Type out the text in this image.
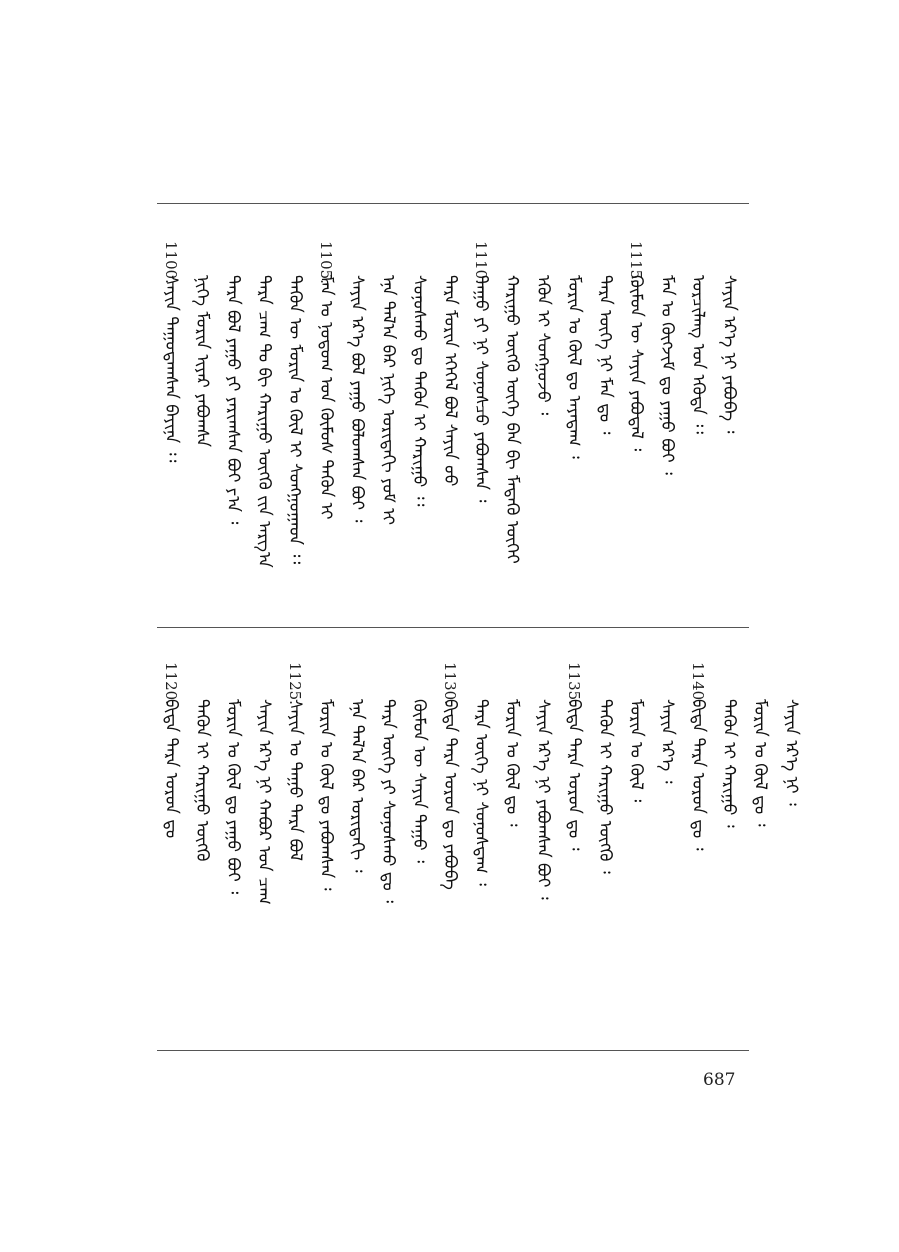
1100.
ᠰᠠᠶᠢᠨ ᠳᠠᠭᠤᠳᠠᠭᠰᠠᠨ ᠪᠠᠶᠢᠨᠠ ᠄᠄ ᠨᠢᠭᠡ ᠮᠣᠷᠢᠨ ᠢᠶᠡᠷ ᠶᠠᠪᠤᠭᠰᠠ ᠲᠡᠷᠡ ᠪᠣᠯ ᠶᠠᠭᠤ ᠶᠢ ᠶᠠᠷᠢᠭᠰᠠᠨ ᠪᠤᠢ ᠶ᠎ᠠ ᠄ ᠲᠡᠷᠡ ᠴᠠᠭ ᠲᠤ ᠪᠢ ᠬᠠᠷᠢᠭᠤ ᠥᠭᠬᠦ ᠶ᠋ᠢᠨ ᠠᠷᠭ᠎ᠠ ᠲᠡᠭᠦᠨ ᠦ ᠮᠣᠷᠢᠨ ᠤ ᠬᠦᠯ ᠢ ᠰᠣᠩᠭᠣᠭᠠᠳ ᠄᠄
1105.
ᠮᠠᠨ ᠤ ᠨᠤᠲᠤᠭ ᠤᠨ ᠬᠦᠮᠦᠰ ᠲᠡᠭᠦᠨ ᠢ ᠰᠠᠶᠢᠨ ᠡᠷ᠎ᠡ ᠪᠣᠯ ᠶᠠᠭᠤ ᠪᠣᠯᠣᠭᠰᠠᠨ ᠪᠤᠢ ᠄ ᠡᠨᠡ ᠲᠠᠯ᠎ᠠ ᠪᠠᠷ ᠨᠢᠭᠡ ᠤᠷᠢᠳᠠᠬᠢ ᠶᠤᠮ ᠢ ᠰᠣᠨᠣᠰᠬᠤ ᠳᠤ ᠲᠡᠭᠦᠨ ᠢ ᠬᠠᠷᠢᠭᠤ ᠄᠄ ᠲᠡᠷᠡ ᠮᠣᠷᠢᠨ ᠡᠭᠡᠭᠡᠯ ᠪᠣᠯ ᠰᠠᠶᠢᠨ ᠤᠤ
1110.
ᠳᠠᠭᠤ ᠶᠢ ᠨᠢ ᠰᠣᠨᠣᠰᠴᠤ ᠶᠠᠪᠤᠭᠰᠠᠨ ᠄ ᠬᠠᠷᠢᠭᠤ ᠥᠭᠬᠦ ᠥᠭᠡ ᠪᠠᠨ ᠪᠢ ᠮᠡᠳᠡᠬᠦ ᠦᠭᠡᠢ ᠡᠭᠦᠨ ᠢ ᠰᠣᠩᠭᠣᠵᠤ ᠄ ᠮᠣᠷᠢᠨ ᠤ ᠬᠦᠯ ᠳᠤ ᠠᠶᠠᠳᠠᠭ ᠄ ᠲᠡᠷᠡ ᠦᠭᠡ ᠨᠢ ᠮᠠᠨ ᠳᠤ ᠄
1115.
ᠬᠦᠮᠦᠨ ᠦ ᠰᠠᠶᠢᠨ ᠶᠠᠪᠤᠳᠠᠯ ᠄ ᠮᠠᠨ ᠤ ᠬᠦᠭᠵᠢᠮ ᠳᠤ ᠶᠠᠭᠤ ᠪᠤᠢ ᠄ ᠣᠷᠴᠢᠯᠠᠩ ᠤᠨ ᠡᠭᠦᠳᠡ ᠄᠄ ᠰᠠᠶᠢᠨ ᠡᠷ᠎ᠡ ᠨᠢ ᠶᠠᠪᠤᠪᠠ ᠄
1120.
ᠪᠢᠳᠡ ᠲᠡᠷᠡ ᠣᠷᠣᠨ ᠳᠤ ᠲᠡᠭᠦᠨ ᠢ ᠬᠠᠷᠢᠭᠤ ᠥᠭᠭᠦ ᠮᠣᠷᠢᠨ ᠤ ᠬᠦᠯ ᠳᠤ ᠶᠠᠭᠤ ᠪᠤᠢ ᠄ ᠰᠠᠶᠢᠨ ᠡᠷ᠎ᠡ ᠨᠢ ᠬᠠᠪᠤᠷ ᠤᠨ ᠴᠠᠭ
1125.
ᠰᠠᠶᠢᠨ ᠤ ᠳᠠᠭᠤ ᠲᠡᠷᠡ ᠪᠣᠯ ᠮᠣᠷᠢᠨ ᠤ ᠬᠦᠯ ᠳᠤ ᠶᠠᠪᠤᠭᠰᠠᠨ ᠄ ᠡᠨᠡ ᠲᠠᠯ᠎ᠠ ᠪᠠᠷ ᠤᠷᠢᠳᠠᠬᠢ ᠄ ᠲᠡᠷᠡ ᠦᠭᠡ ᠶᠢ ᠰᠣᠨᠣᠰᠬᠤ ᠳᠤ ᠄ ᠬᠦᠮᠦᠨ ᠦ ᠰᠠᠶᠢᠨ ᠳᠠᠭᠤ ᠄
1130.
ᠪᠢᠳᠡ ᠲᠡᠷᠡ ᠣᠷᠣᠨ ᠳᠤ ᠶᠠᠪᠤᠪᠠ ᠲᠡᠷᠡ ᠦᠭᠡ ᠨᠢ ᠰᠣᠨᠣᠰᠳᠠᠭ ᠄ ᠮᠣᠷᠢᠨ ᠤ ᠬᠦᠯ ᠳᠤ ᠄ ᠰᠠᠶᠢᠨ ᠡᠷ᠎ᠡ ᠨᠢ ᠶᠠᠪᠤᠭᠰᠠᠨ ᠪᠤᠢ ᠄
1135.
ᠪᠢᠳᠡ ᠲᠡᠷᠡ ᠣᠷᠣᠨ ᠳᠤ ᠄ ᠲᠡᠭᠦᠨ ᠢ ᠬᠠᠷᠢᠭᠤ ᠥᠭᠭᠦ ᠄ ᠮᠣᠷᠢᠨ ᠤ ᠬᠦᠯ ᠄ ᠰᠠᠶᠢᠨ ᠡᠷ᠎ᠡ ᠄
1140.
ᠪᠢᠳᠡ ᠲᠡᠷᠡ ᠣᠷᠣᠨ ᠳᠤ ᠄ ᠲᠡᠭᠦᠨ ᠢ ᠬᠠᠷᠢᠭᠤ ᠄ ᠮᠣᠷᠢᠨ ᠤ ᠬᠦᠯ ᠳᠤ ᠄ ᠰᠠᠶᠢᠨ ᠡᠷ᠎ᠡ ᠨᠢ ᠄
687
